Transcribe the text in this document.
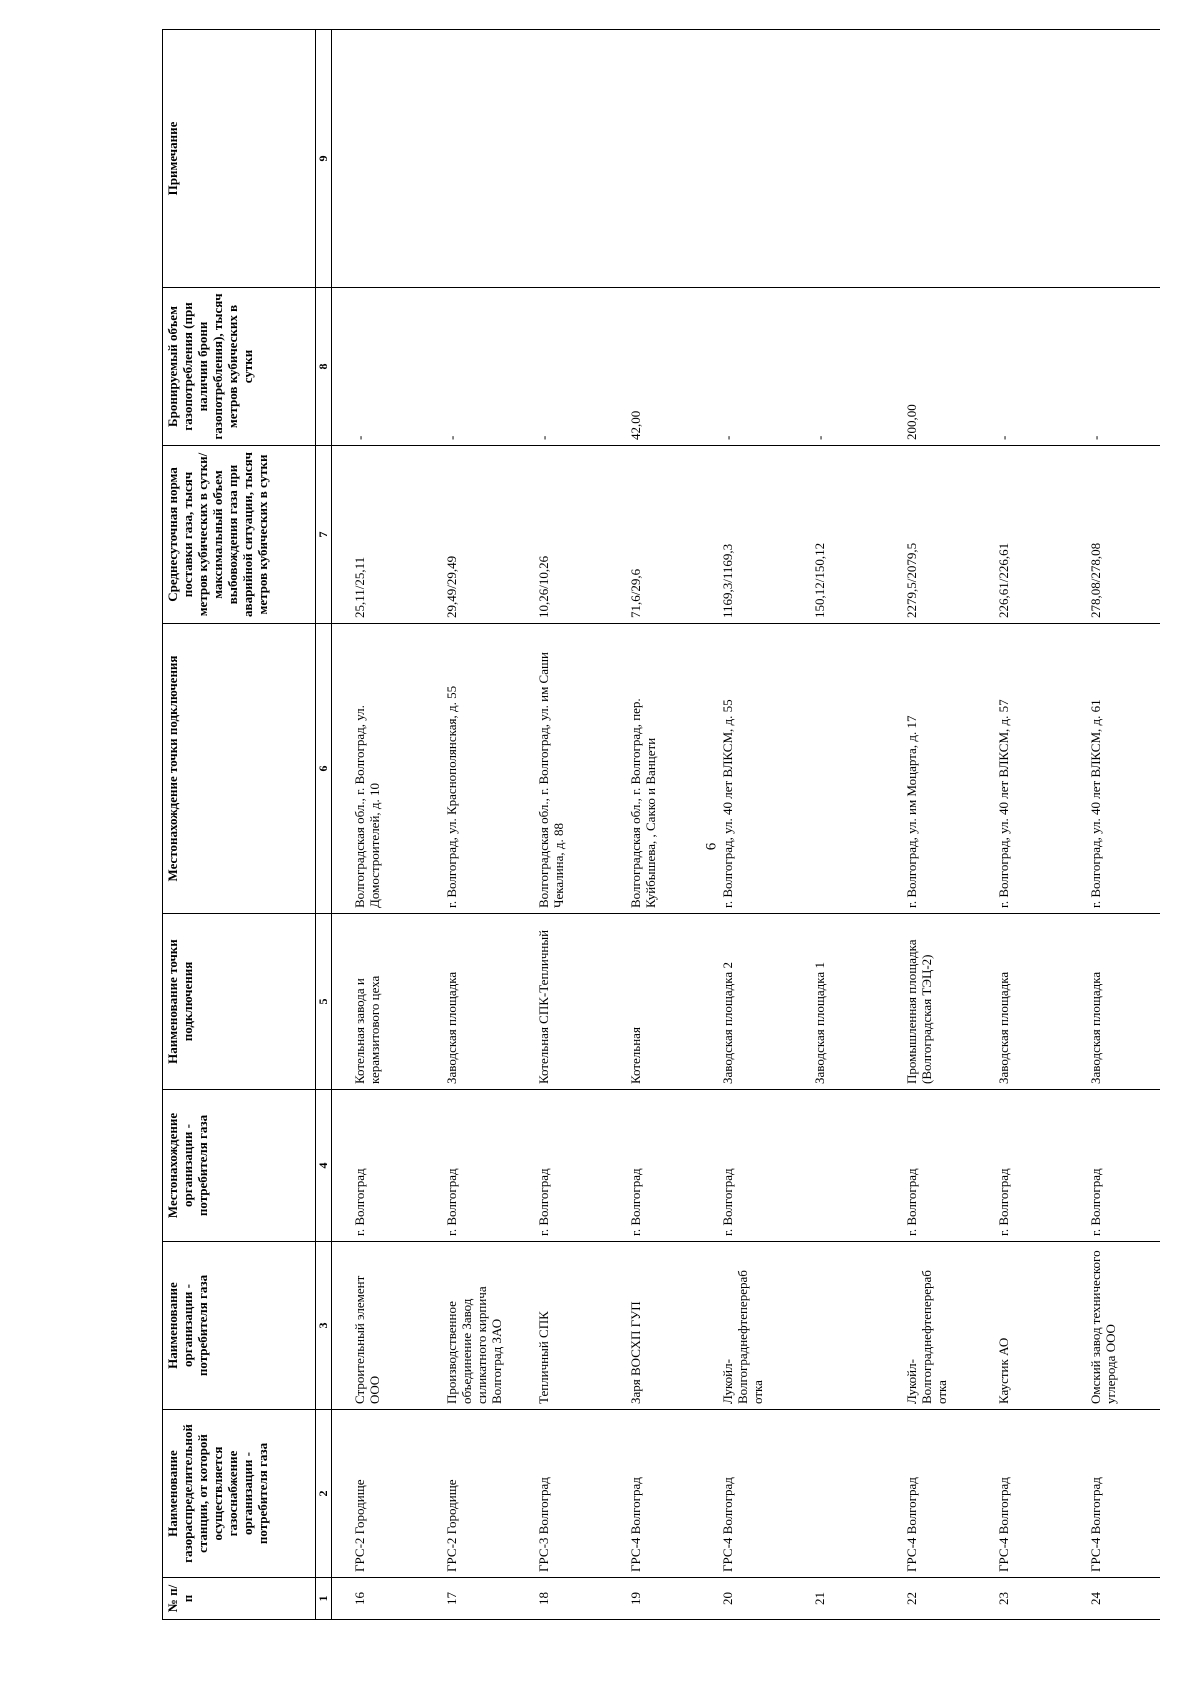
6
№ п/п	Наименование газораспределительной станции, от которой осуществляется газоснабжение организации - потребителя газа	Наименование организации - потребителя газа	Местонахождение организации - потребителя газа	Наименование точки подключения	Местонахождение точки подключения	Среднесуточная норма поставки газа, тысяч метров кубических в сутки/максимальный объем выбовождения газа при аварийной ситуации, тысяч метров кубических в сутки	Бронируемый объем газопотребления (при наличии брони газопотребления), тысяч метров кубических в сутки	Примечание
1	2	3	4	5	6	7	8	9
16	ГРС-2 Городище	Строительный элемент ООО	г. Волгоград	Котельная завода и керамзитового цеха	Волгоградская обл., г. Волгоград, ул. Домостроителей, д. 10	25,11/25,11	-	
17	ГРС-2 Городище	Производственное объединение Завод силикатного кирпича Волгоград ЗАО	г. Волгоград	Заводская площадка	г. Волгоград, ул. Краснополянская, д. 55	29,49/29,49	-	
18	ГРС-3 Волгоград	Тепличный СПК	г. Волгоград	Котельная СПК-Тепличный	Волгоградская обл., г. Волгоград, ул. им Саши Чекалина, д. 88	10,26/10,26	-	
19	ГРС-4 Волгоград	Заря ВОСХП ГУП	г. Волгоград	Котельная	Волгоградская обл., г. Волгоград, пер. Куйбышева, , Сакко и Ванцети	71,6/29,6	42,00	
20	ГРС-4 Волгоград	Лукойл-Волгограднефтеперераб отка	г. Волгоград	Заводская площадка 2	г. Волгоград, ул. 40 лет ВЛКСМ, д. 55	1169,3/1169,3	-	
21				Заводская площадка 1		150,12/150,12	-	
22	ГРС-4 Волгоград	Лукойл-Волгограднефтеперераб отка	г. Волгоград	Промышленная площадка (Волгоградская ТЭЦ-2)	г. Волгоград, ул. им Моцарта, д. 17	2279,5/2079,5	200,00	
23	ГРС-4 Волгоград	Каустик АО	г. Волгоград	Заводская площадка	г. Волгоград, ул. 40 лет ВЛКСМ, д. 57	226,61/226,61	-	
24	ГРС-4 Волгоград	Омский завод технического углерода ООО	г. Волгоград	Заводская площадка	г. Волгоград, ул. 40 лет ВЛКСМ, д. 61	278,08/278,08	-	
